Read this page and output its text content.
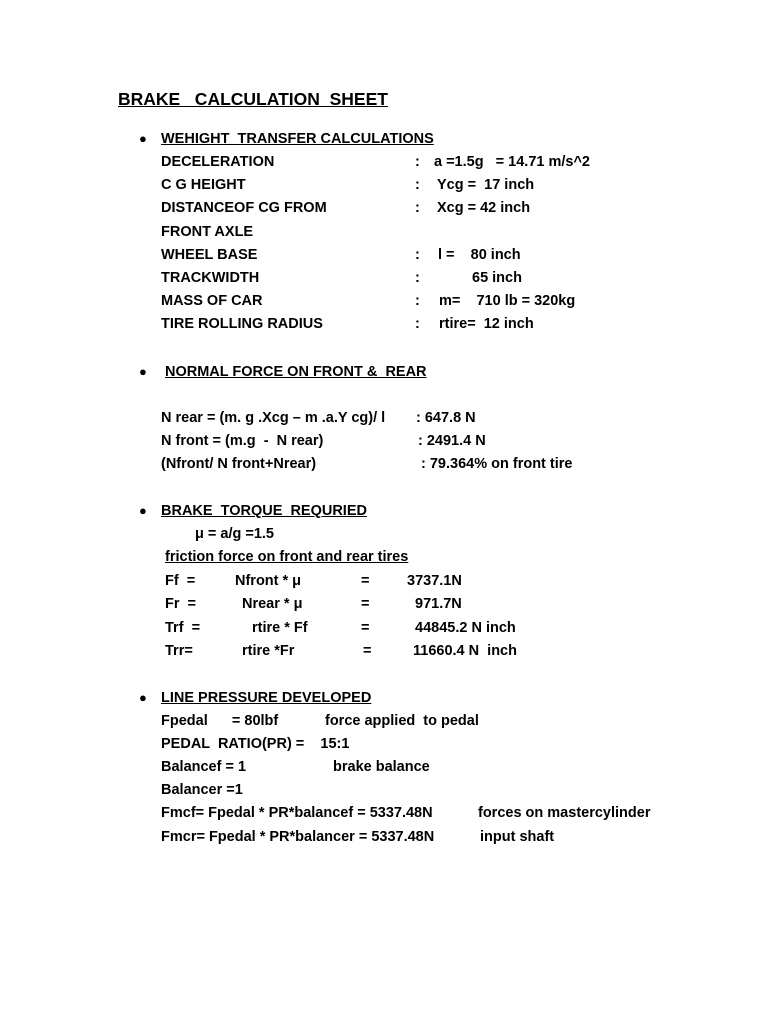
BRAKE   CALCULATION  SHEET
● WEHIGHT  TRANSFER CALCULATIONS
DECELERATION	: a =1.5g   = 14.71 m/s^2
C G HEIGHT	: Ycg =  17 inch
DISTANCEOF CG FROM	: Xcg = 42 inch
FRONT AXLE
WHEEL BASE	: l =    80 inch
TRACKWIDTH	:	65 inch
MASS OF CAR	: m=    710 lb = 320kg
TIRE ROLLING RADIUS	: rtire=  12 inch
● NORMAL FORCE ON FRONT &  REAR
N rear = (m. g .Xcg – m .a.Y cg)/ l : 647.8 N
N front = (m.g  -  N rear)	: 2491.4 N
(Nfront/ N front+Nrear)	: 79.364% on front tire
● BRAKE  TORQUE  REQURIED
μ = a/g =1.5
friction force on front and rear tires
Ff  =	Nfront * μ	=	3737.1N
Fr  =	Nrear * μ	=	971.7N
Trf  =	rtire * Ff	=	44845.2 N inch
Trr=	rtire *Fr	=	11660.4 N  inch
● LINE PRESSURE DEVELOPED
Fpedal      = 80lbf	force applied  to pedal
PEDAL  RATIO(PR) =    15:1
Balancef = 1	brake balance
Balancer =1
Fmcf= Fpedal * PR*balancef = 5337.48N	forces on mastercylinder
Fmcr= Fpedal * PR*balancer = 5337.48N	input shaft
